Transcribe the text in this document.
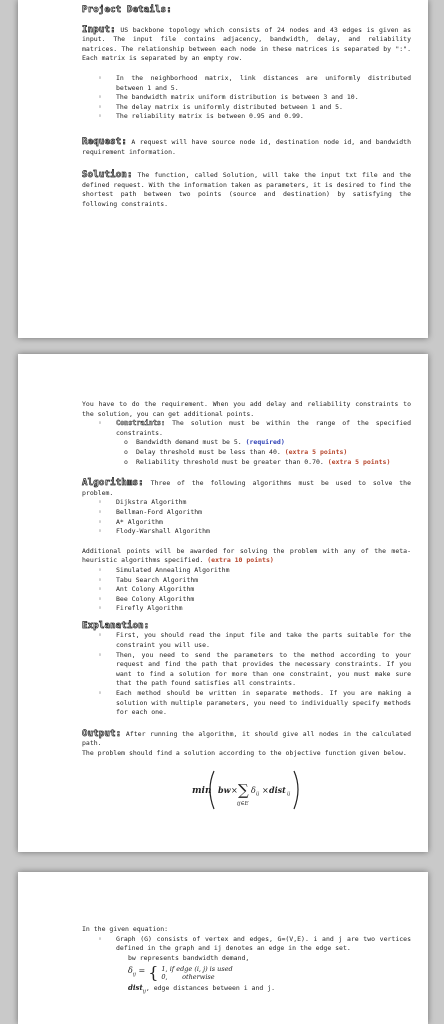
Project Details:

Input: US backbone topology which consists of 24 nodes and 43 edges is given as input. The input file contains adjacency, bandwidth, delay, and reliability matrices. The relationship between each node in these matrices is separated by ":". Each matrix is separated by an empty row.

◦ In the neighborhood matrix, link distances are uniformly distributed between 1 and 5.
◦ The bandwidth matrix uniform distribution is between 3 and 10.
◦ The delay matrix is uniformly distributed between 1 and 5.
◦ The reliability matrix is between 0.95 and 0.99.

Request: A request will have source node id, destination node id, and bandwidth requirement information.

Solution: The function, called Solution, will take the input txt file and the defined request. With the information taken as parameters, it is desired to find the shortest path between two points (source and destination) by satisfying the following constraints.

You have to do the requirement. When you add delay and reliability constraints to the solution, you can get additional points.

◦ Constraints: The solution must be within the range of the specified constraints.
o Bandwidth demand must be 5. (required)
o Delay threshold must be less than 40. (extra 5 points)
o Reliability threshold must be greater than 0.70. (extra 5 points)

Algorithms: Three of the following algorithms must be used to solve the problem.

◦ Dijkstra Algorithm
◦ Bellman-Ford Algorithm
◦ A* Algorithm
◦ Flody-Warshall Algorithm

Additional points will be awarded for solving the problem with any of the meta-heuristic algorithms specified. (extra 10 points)

◦ Simulated Annealing Algorithm
◦ Tabu Search Algorithm
◦ Ant Colony Algorithm
◦ Bee Colony Algorithm
◦ Firefly Algorithm
Explanation:
◦ First, you should read the input file and take the parts suitable for the constraint you will use.
◦ Then, you need to send the parameters to the method according to your request and find the path that provides the necessary constraints. If you want to find a solution for more than one constraint, you must make sure that the path found satisfies all constraints.
◦ Each method should be written in separate methods. If you are making a solution with multiple parameters, you need to individually specify methods for each one.

Output: After running the algorithm, it should give all nodes in the calculated path.

The problem should find a solution according to the objective function given below.

min bw × ∑
ij∈E
δ ij × dist ij

In the given equation:

◦ Graph (G) consists of vertex and edges, G=(V,E). i and j are two vertices defined in the graph and ij denotes an edge in the edge set.
bw represents bandwidth demand,
$\delta_{ij}$ = { 1, if edge (i, j) is used
0,       otherwise
dist$_{ij}$, edge distances between i and j.
